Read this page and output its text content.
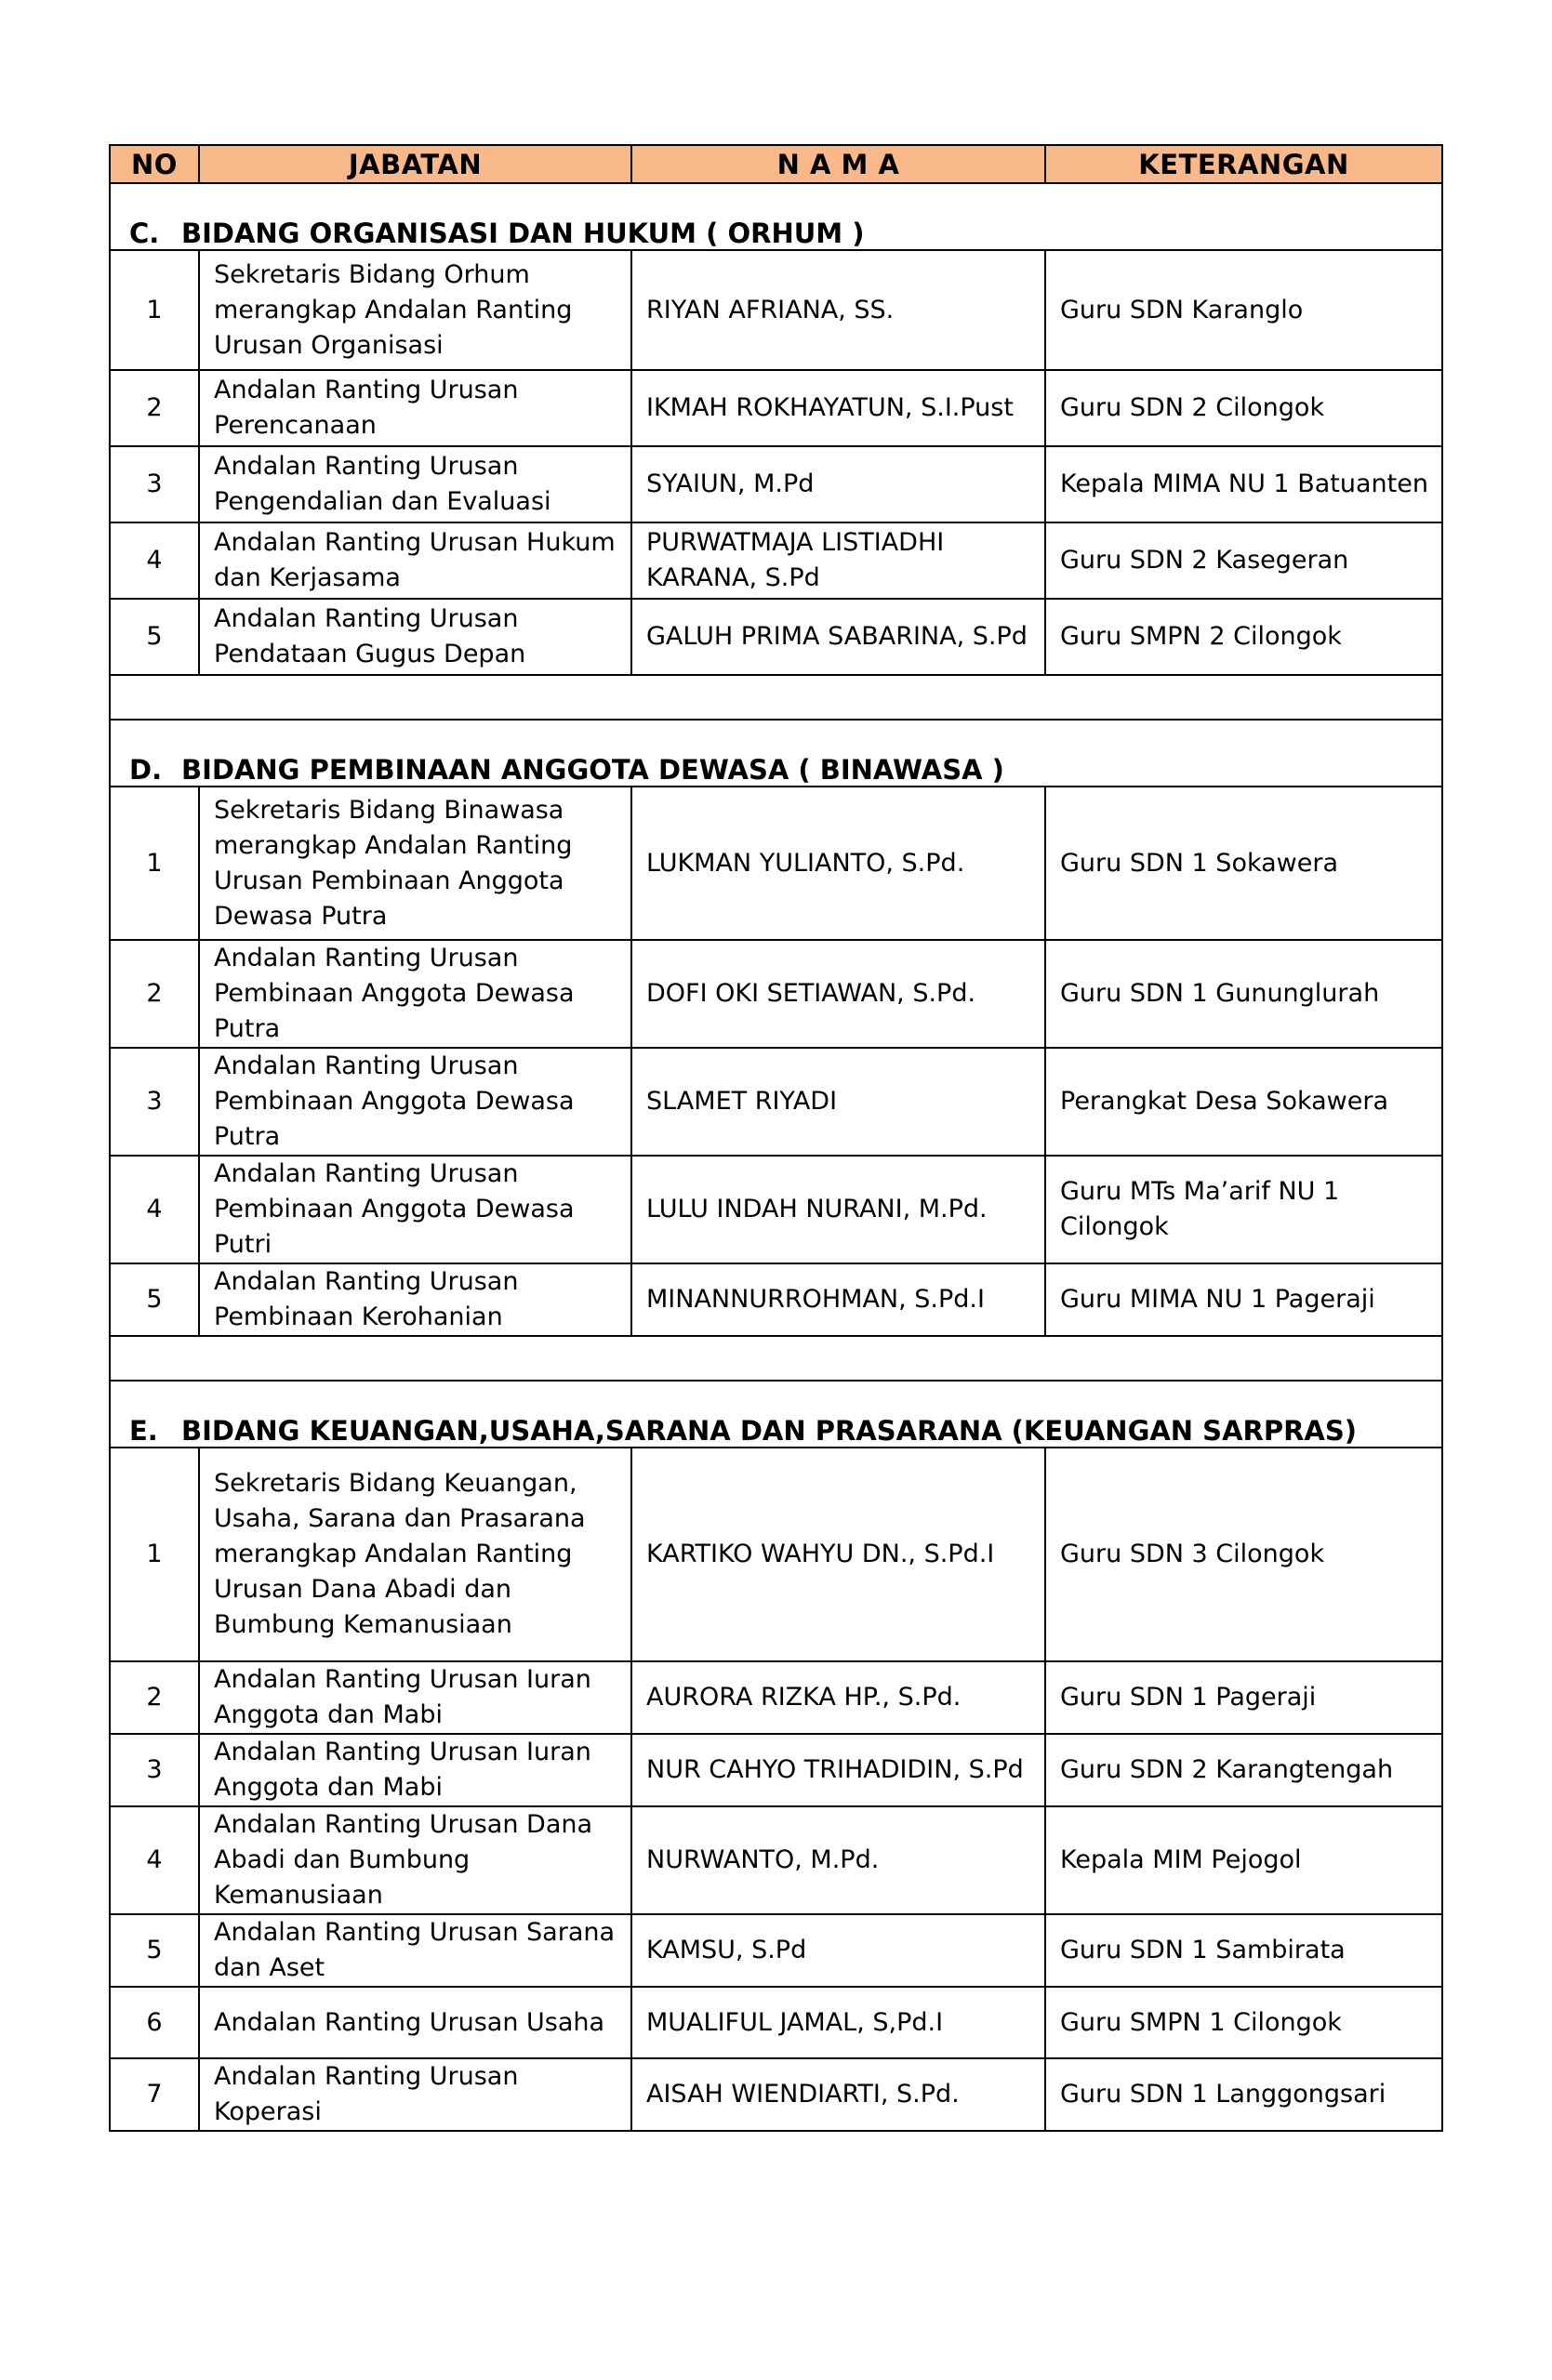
NO	JABATAN	N A M A	KETERANGAN
C. BIDANG ORGANISASI DAN HUKUM ( ORHUM )			
1	Sekretaris Bidang Orhum merangkap Andalan Ranting Urusan Organisasi	RIYAN AFRIANA, SS.	Guru SDN Karanglo
2	Andalan Ranting Urusan Perencanaan	IKMAH ROKHAYATUN, S.I.Pust	Guru SDN 2 Cilongok
3	Andalan Ranting Urusan Pengendalian dan Evaluasi	SYAIUN, M.Pd	Kepala MIMA NU 1 Batuanten

4	Andalan Ranting Urusan Hukum dan Kerjasama	PURWATMAJA LISTIADHI KARANA, S.Pd	Guru SDN 2 Kasegeran
5	Andalan Ranting Urusan Pendataan Gugus Depan	GALUH PRIMA SABARINA, S.Pd	Guru SMPN 2 Cilongok

D. BIDANG PEMBINAAN ANGGOTA DEWASA ( BINAWASA )			
1	Sekretaris Bidang Binawasa merangkap Andalan Ranting Urusan Pembinaan Anggota Dewasa Putra	LUKMAN YULIANTO, S.Pd.	Guru SDN 1 Sokawera
2	Andalan Ranting Urusan Pembinaan Anggota Dewasa Putra	DOFI OKI SETIAWAN, S.Pd.	Guru SDN 1 Gununglurah
3	Andalan Ranting Urusan Pembinaan Anggota Dewasa Putra	SLAMET RIYADI	Perangkat Desa Sokawera
4	Andalan Ranting Urusan Pembinaan Anggota Dewasa Putri	LULU INDAH NURANI, M.Pd.	Guru MTs Ma’arif NU 1 Cilongok

5	Andalan Ranting Urusan Pembinaan Kerohanian	MINANNURROHMAN, S.Pd.I	Guru MIMA NU 1 Pageraji

E. BIDANG KEUANGAN,USAHA,SARANA DAN PRASARANA (KEUANGAN SARPRAS)			
1	Sekretaris Bidang Keuangan, Usaha, Sarana dan Prasarana merangkap Andalan Ranting Urusan Dana Abadi dan Bumbung Kemanusiaan	KARTIKO WAHYU DN., S.Pd.I	Guru SDN 3 Cilongok
2	Andalan Ranting Urusan Iuran Anggota dan Mabi	AURORA RIZKA HP., S.Pd.	Guru SDN 1 Pageraji
3	Andalan Ranting Urusan Iuran Anggota dan Mabi	NUR CAHYO TRIHADIDIN, S.Pd	Guru SDN 2 Karangtengah
4	Andalan Ranting Urusan Dana Abadi dan Bumbung Kemanusiaan	NURWANTO, M.Pd.	Kepala MIM Pejogol
5	Andalan Ranting Urusan Sarana dan Aset	KAMSU, S.Pd	Guru SDN 1 Sambirata
6	Andalan Ranting Urusan Usaha	MUALIFUL JAMAL, S,Pd.I	Guru SMPN 1 Cilongok
7	Andalan Ranting Urusan Koperasi	AISAH WIENDIARTI, S.Pd.	Guru SDN 1 Langgongsari
